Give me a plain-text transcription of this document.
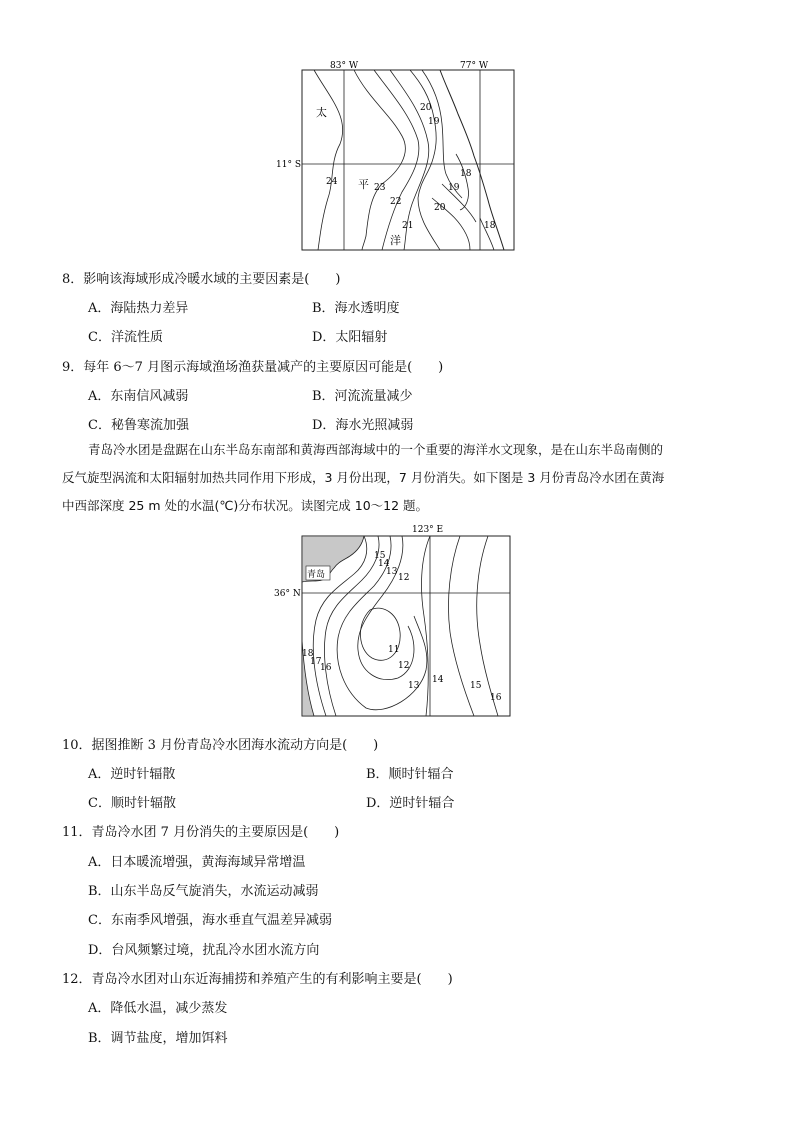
83° W	77° W
11° S
太
平
洋
20
19
18
19
20
18
24
23
22
21
8．影响该海域形成冷暖水域的主要因素是(　　)
A．海陆热力差异	B．海水透明度
C．洋流性质	D．太阳辐射
9．每年 6～7 月图示海域渔场渔获量减产的主要原因可能是(　　)
A．东南信风减弱	B．河流流量减少
C．秘鲁寒流加强	D．海水光照减弱
青岛冷水团是盘踞在山东半岛东南部和黄海西部海域中的一个重要的海洋水文现象，是在山东半岛南侧的
反气旋型涡流和太阳辐射加热共同作用下形成，3 月份出现，7 月份消失。如下图是 3 月份青岛冷水团在黄海
中西部深度 25 m 处的水温(℃)分布状况。读图完成 10～12 题。
123° E
36° N
青岛
15
14
13
12
11
12
13
14
15
16
18
17
16
10．据图推断 3 月份青岛冷水团海水流动方向是(　　)
A．逆时针辐散	B．顺时针辐合
C．顺时针辐散	D．逆时针辐合
11．青岛冷水团 7 月份消失的主要原因是(　　)
A．日本暖流增强，黄海海域异常增温
B．山东半岛反气旋消失，水流运动减弱
C．东南季风增强，海水垂直气温差异减弱
D．台风频繁过境，扰乱冷水团水流方向
12．青岛冷水团对山东近海捕捞和养殖产生的有利影响主要是(　　)
A．降低水温，减少蒸发
B．调节盐度，增加饵料
